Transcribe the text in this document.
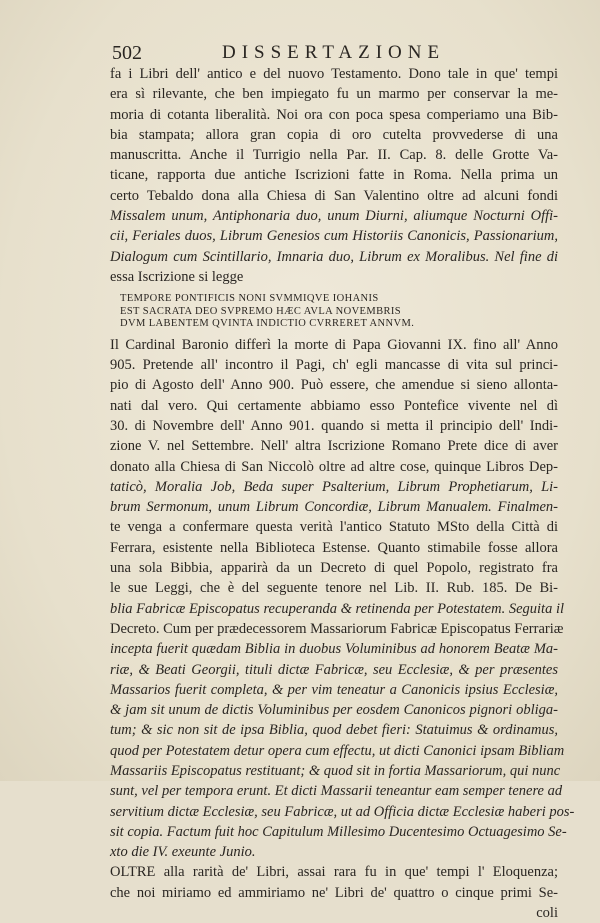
502	DISSERTAZIONE
fa i Libri dell' antico e del nuovo Testamento. Dono tale in que' tempi
era sì rilevante, che ben impiegato fu un marmo per conservar la me-
moria di cotanta liberalità. Noi ora con poca spesa comperiamo una Bib-
bia stampata; allora gran copia di oro cutelta provvederse di una
manuscritta. Anche il Turrigio nella Par. II. Cap. 8. delle Grotte Va-
ticane, rapporta due antiche Iscrizioni fatte in Roma. Nella prima un
certo Tebaldo dona alla Chiesa di San Valentino oltre ad alcuni fondi
Missalem unum, Antiphonaria duo, unum Diurni, aliumque Nocturni Offi-
cii, Feriales duos, Librum Genesios cum Historiis Canonicis, Passionarium,
Dialogum cum Scintillario, Imnaria duo, Librum ex Moralibus. Nel fine di
essa Iscrizione si legge
TEMPORE PONTIFICIS NONI SVMMIQVE IOHANIS
EST SACRATA DEO SVPREMO HÆC AVLA NOVEMBRIS
DVM LABENTEM QVINTA INDICTIO CVRRERET ANNVM.
Il Cardinal Baronio differì la morte di Papa Giovanni IX. fino all' Anno
905. Pretende all' incontro il Pagi, ch' egli mancasse di vita sul princi-
pio di Agosto dell' Anno 900. Può essere, che amendue si sieno allonta-
nati dal vero. Qui certamente abbiamo esso Pontefice vivente nel dì
30. di Novembre dell' Anno 901. quando si metta il principio dell' Indi-
zione V. nel Settembre. Nell' altra Iscrizione Romano Prete dice di aver
donato alla Chiesa di San Niccolò oltre ad altre cose, quinque Libros Dep-
taticò, Moralia Job, Beda super Psalterium, Librum Prophetiarum, Li-
brum Sermonum, unum Librum Concordiæ, Librum Manualem. Finalmen-
te venga a confermare questa verità l'antico Statuto MSto della Città di
Ferrara, esistente nella Biblioteca Estense. Quanto stimabile fosse allora
una sola Bibbia, apparirà da un Decreto di quel Popolo, registrato fra
le sue Leggi, che è del seguente tenore nel Lib. II. Rub. 185. De Bi-
blia Fabricæ Episcopatus recuperanda & retinenda per Potestatem. Seguita il
Decreto. Cum per prædecessorem Massariorum Fabricæ Episcopatus Ferrariæ
incepta fuerit quædam Biblia in duobus Voluminibus ad honorem Beatæ Ma-
riæ, & Beati Georgii, tituli dictæ Fabricæ, seu Ecclesiæ, & per præsentes
Massarios fuerit completa, & per vim teneatur a Canonicis ipsius Ecclesiæ,
& jam sit unum de dictis Voluminibus per eosdem Canonicos pignori obliga-
tum; & sic non sit de ipsa Biblia, quod debet fieri: Statuimus & ordinamus,
quod per Potestatem detur opera cum effectu, ut dicti Canonici ipsam Bibliam
Massariis Episcopatus restituant; & quod sit in fortia Massariorum, qui nunc
sunt, vel per tempora erunt. Et dicti Massarii teneantur eam semper tenere ad
servitium dictæ Ecclesiæ, seu Fabricæ, ut ad Officia dictæ Ecclesiæ haberi pos-
sit copia. Factum fuit hoc Capitulum Millesimo Ducentesimo Octuagesimo Se-
xto die IV. exeunte Junio.
OLTRE alla rarità de' Libri, assai rara fu in que' tempi l' Eloquenza;
che noi miriamo ed ammiriamo ne' Libri de' quattro o cinque primi Se-
coli
